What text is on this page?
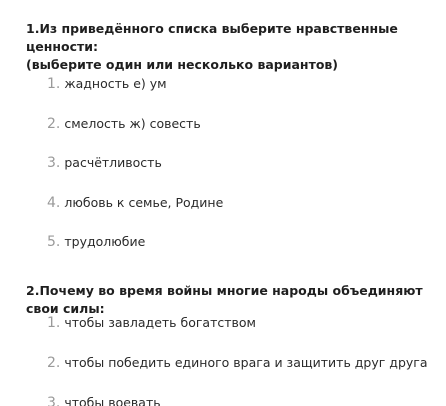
1.Из приведённого списка выберите нравственные ценности:
(выберите один или несколько вариантов)
1. жадность е) ум
2. смелость ж) совесть
3. расчётливость
4. любовь к семье, Родине
5. трудолюбие
2.Почему во время войны многие народы объединяют свои силы:
1. чтобы завладеть богатством
2. чтобы победить единого врага и защитить друг друга
3. чтобы воевать
